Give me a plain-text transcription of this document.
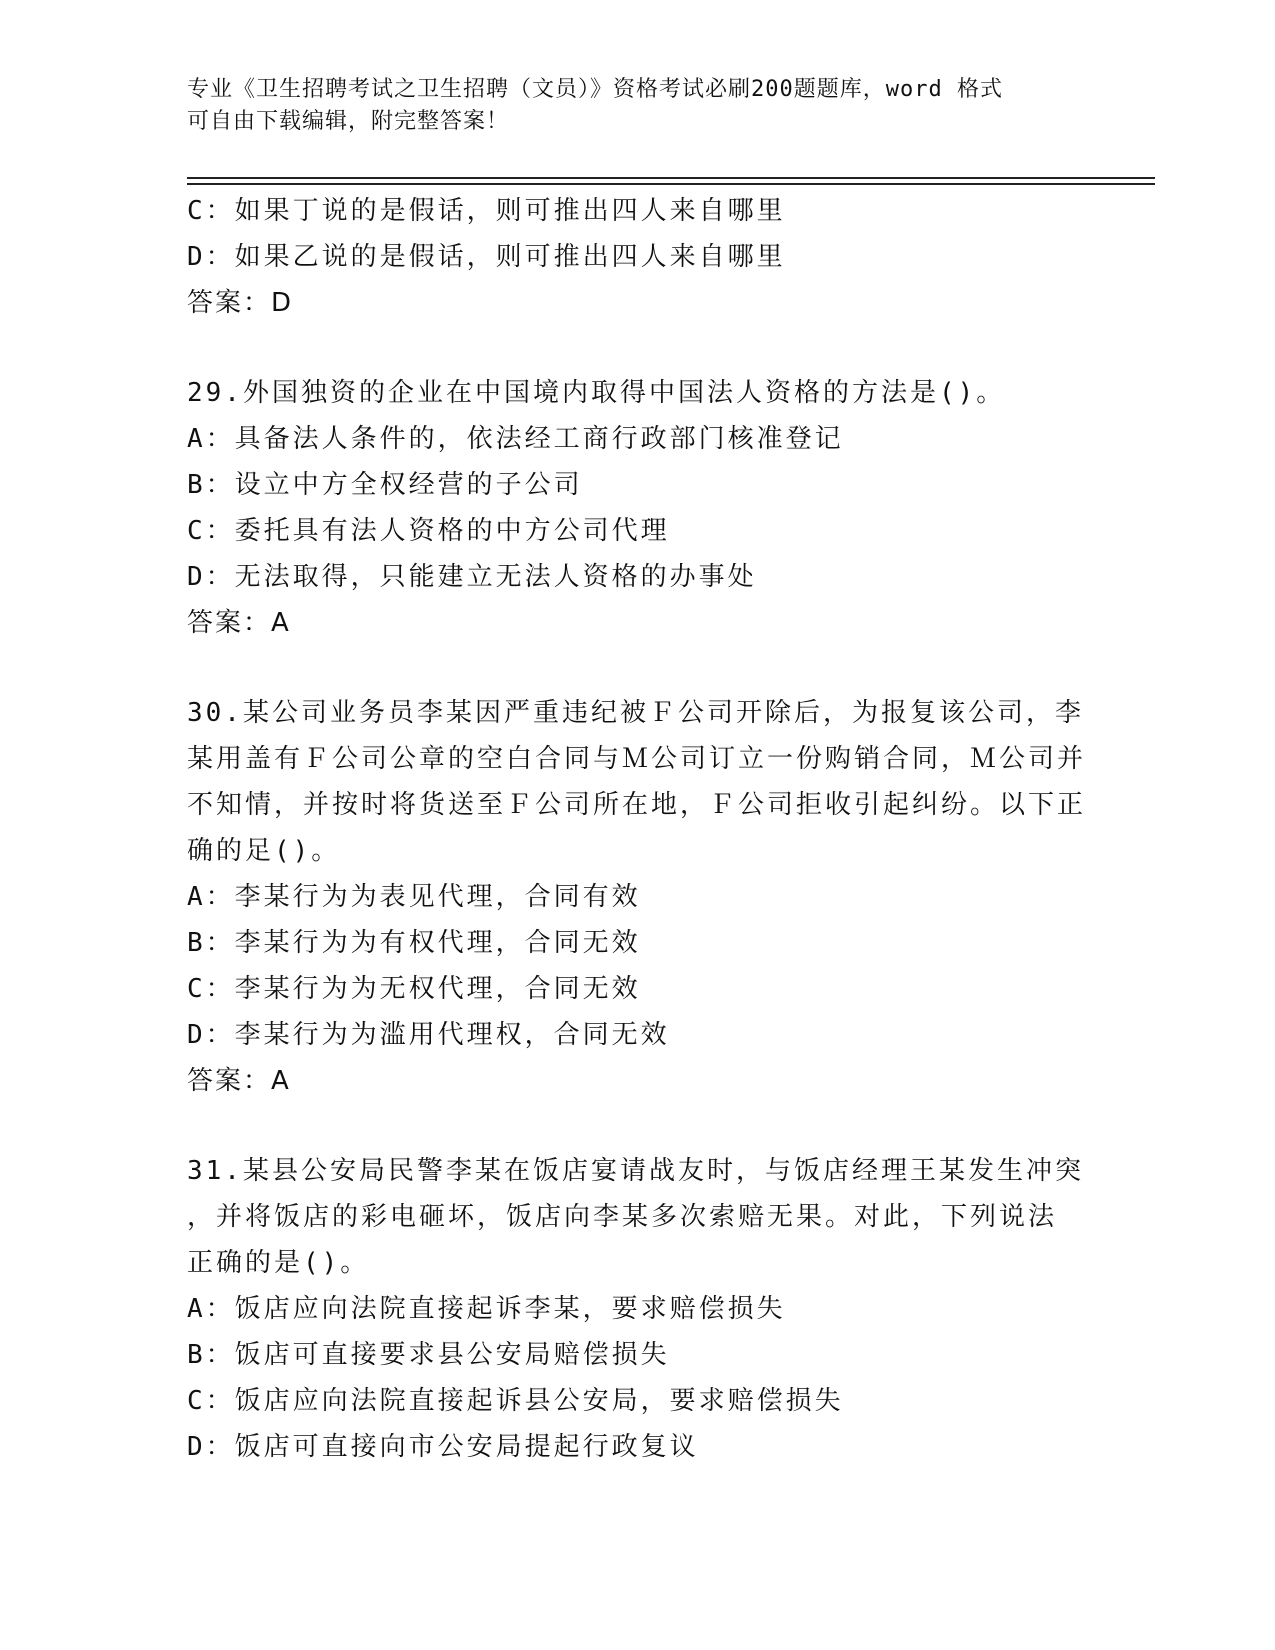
专业《卫生招聘考试之卫生招聘（文员）》资格考试必刷200题题库，word 格式
可自由下载编辑，附完整答案！
C：如果丁说的是假话，则可推出四人来自哪里
D：如果乙说的是假话，则可推出四人来自哪里
答案：D
29.外国独资的企业在中国境内取得中国法人资格的方法是()。
A：具备法人条件的，依法经工商行政部门核准登记
B：设立中方全权经营的子公司
C：委托具有法人资格的中方公司代理
D：无法取得，只能建立无法人资格的办事处
答案：A
30.某公司业务员李某因严重违纪被Ｆ公司开除后，为报复该公司，李
某用盖有Ｆ公司公章的空白合同与Ｍ公司订立一份购销合同，Ｍ公司并
不知情，并按时将货送至Ｆ公司所在地，Ｆ公司拒收引起纠纷。以下正
确的足()。
A：李某行为为表见代理，合同有效
B：李某行为为有权代理，合同无效
C：李某行为为无权代理，合同无效
D：李某行为为滥用代理权，合同无效
答案：A
31.某县公安局民警李某在饭店宴请战友时，与饭店经理王某发生冲突
，并将饭店的彩电砸坏，饭店向李某多次索赔无果。对此，下列说法
正确的是()。
A：饭店应向法院直接起诉李某，要求赔偿损失
B：饭店可直接要求县公安局赔偿损失
C：饭店应向法院直接起诉县公安局，要求赔偿损失
D：饭店可直接向市公安局提起行政复议
